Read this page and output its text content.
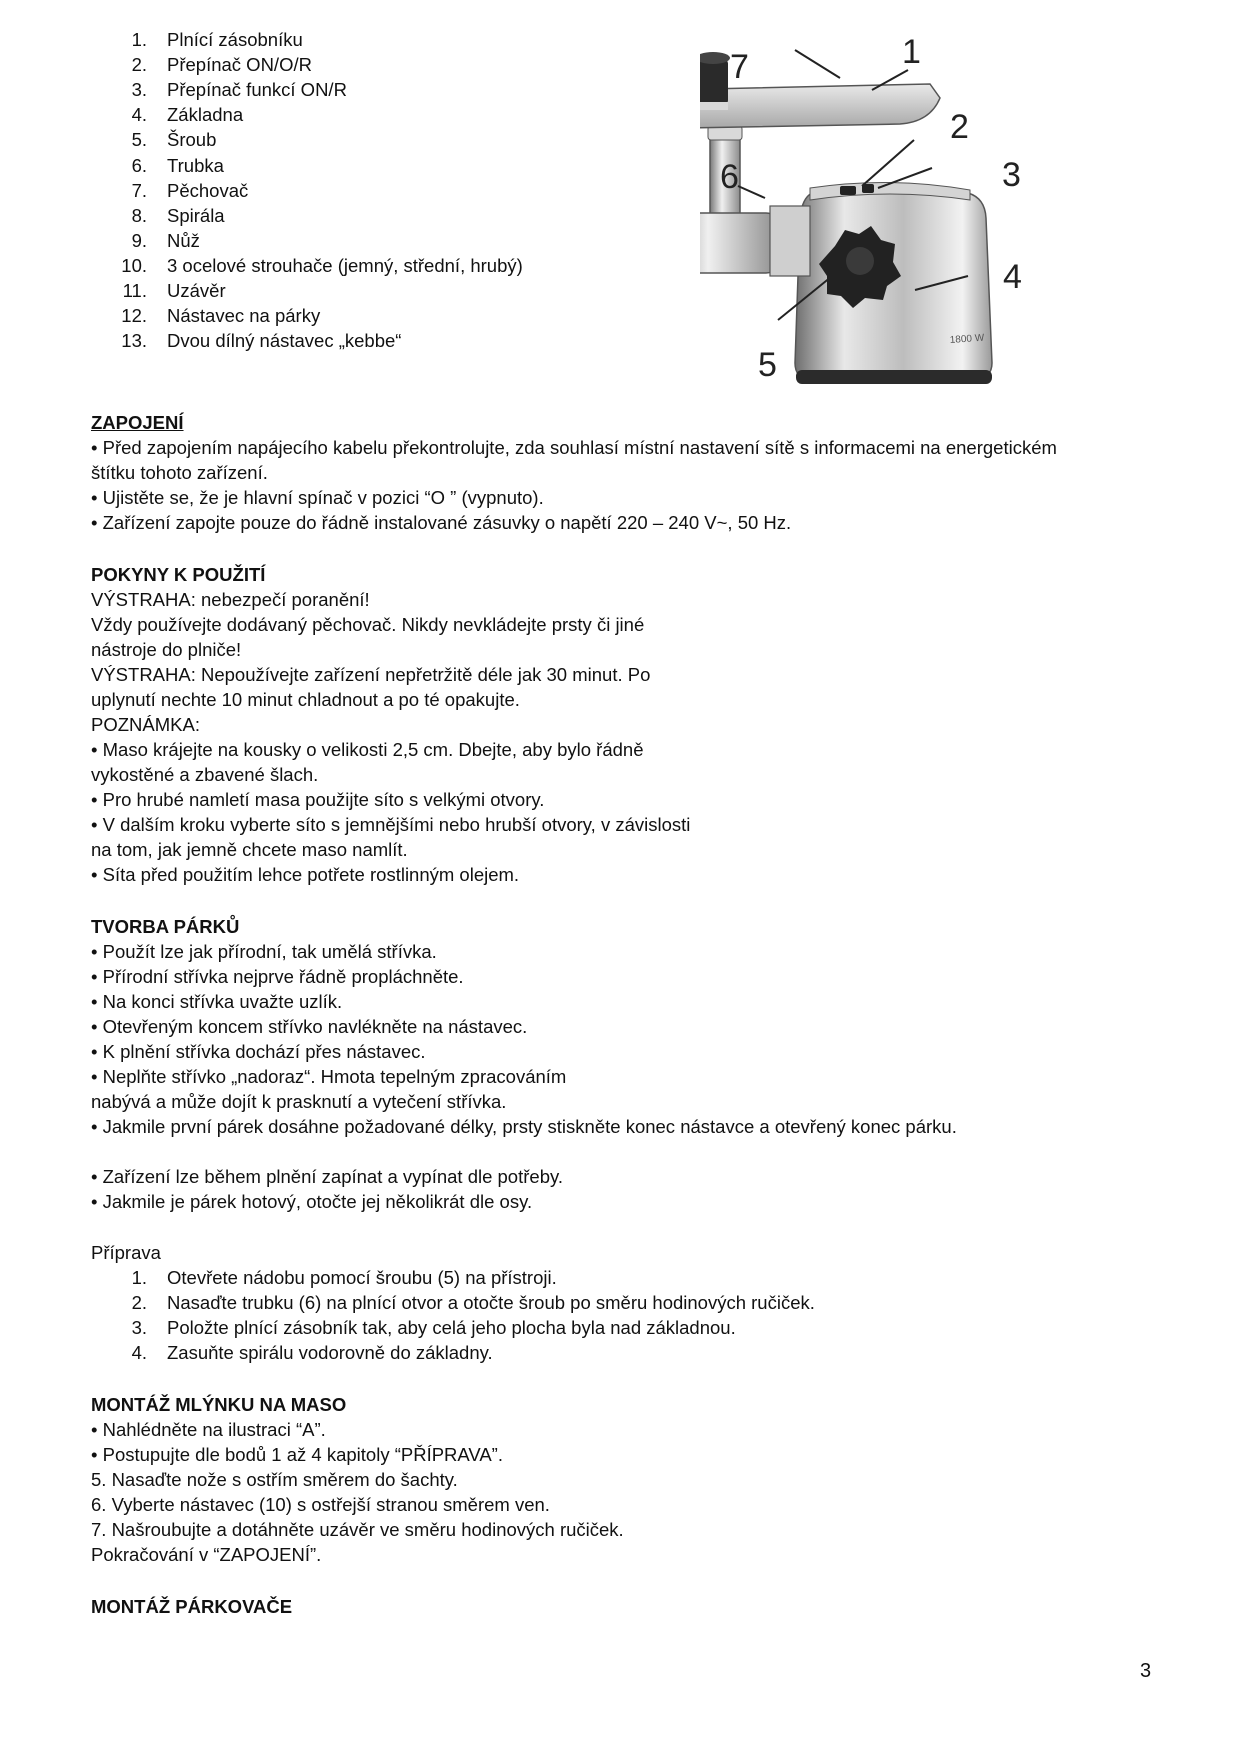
1. Plnící zásobníku
2. Přepínač ON/O/R
3. Přepínač funkcí ON/R
4. Základna
5. Šroub
6. Trubka
7. Pěchovač
8. Spirála
9. Nůž
10. 3 ocelové strouhače (jemný, střední, hrubý)
11. Uzávěr
12. Nástavec na párky
13. Dvou dílný nástavec „kebbe“	1800 W
1
2
3
4
5
6
7
ZAPOJENÍ
• Před zapojením napájecího kabelu překontrolujte, zda souhlasí místní nastavení sítě s informacemi na energetickém
štítku tohoto zařízení.
• Ujistěte se, že je hlavní spínač v pozici “O ” (vypnuto).
• Zařízení zapojte pouze do řádně instalované zásuvky o napětí 220 – 240 V~, 50 Hz.
POKYNY K POUŽITÍ
VÝSTRAHA: nebezpečí poranění!
Vždy používejte dodávaný pěchovač. Nikdy nevkládejte prsty či jiné
nástroje do plniče!
VÝSTRAHA: Nepoužívejte zařízení nepřetržitě déle jak 30 minut. Po
uplynutí nechte 10 minut chladnout a po té opakujte.
POZNÁMKA:
• Maso krájejte na kousky o velikosti 2,5 cm. Dbejte, aby bylo řádně
vykostěné a zbavené šlach.
• Pro hrubé namletí masa použijte síto s velkými otvory.
• V dalším kroku vyberte síto s jemnějšími nebo hrubší otvory, v závislosti
na tom, jak jemně chcete maso namlít.
• Síta před použitím lehce potřete rostlinným olejem.
TVORBA PÁRKŮ
• Použít lze jak přírodní, tak umělá střívka.
• Přírodní střívka nejprve řádně propláchněte.
• Na konci střívka uvažte uzlík.
• Otevřeným koncem střívko navlékněte na nástavec.
• K plnění střívka dochází přes nástavec.
• Neplňte střívko „nadoraz“. Hmota tepelným zpracováním
nabývá a může dojít k prasknutí a vytečení střívka.
• Jakmile první párek dosáhne požadované délky, prsty stiskněte konec nástavce a otevřený konec párku.
• Zařízení lze během plnění zapínat a vypínat dle potřeby.
• Jakmile je párek hotový, otočte jej několikrát dle osy.
Příprava
1. Otevřete nádobu pomocí šroubu (5) na přístroji.
2. Nasaďte trubku (6) na plnící otvor a otočte šroub po směru hodinových ručiček.
3. Položte plnící zásobník tak, aby celá jeho plocha byla nad základnou.
4. Zasuňte spirálu vodorovně do základny.
MONTÁŽ MLÝNKU NA MASO
• Nahlédněte na ilustraci “A”.
• Postupujte dle bodů 1 až 4 kapitoly “PŘÍPRAVA”.
5. Nasaďte nože s ostřím směrem do šachty.
6. Vyberte nástavec (10) s ostřejší stranou směrem ven.
7. Našroubujte a dotáhněte uzávěr ve směru hodinových ručiček.
Pokračování v “ZAPOJENÍ”.
MONTÁŽ PÁRKOVAČE
3
